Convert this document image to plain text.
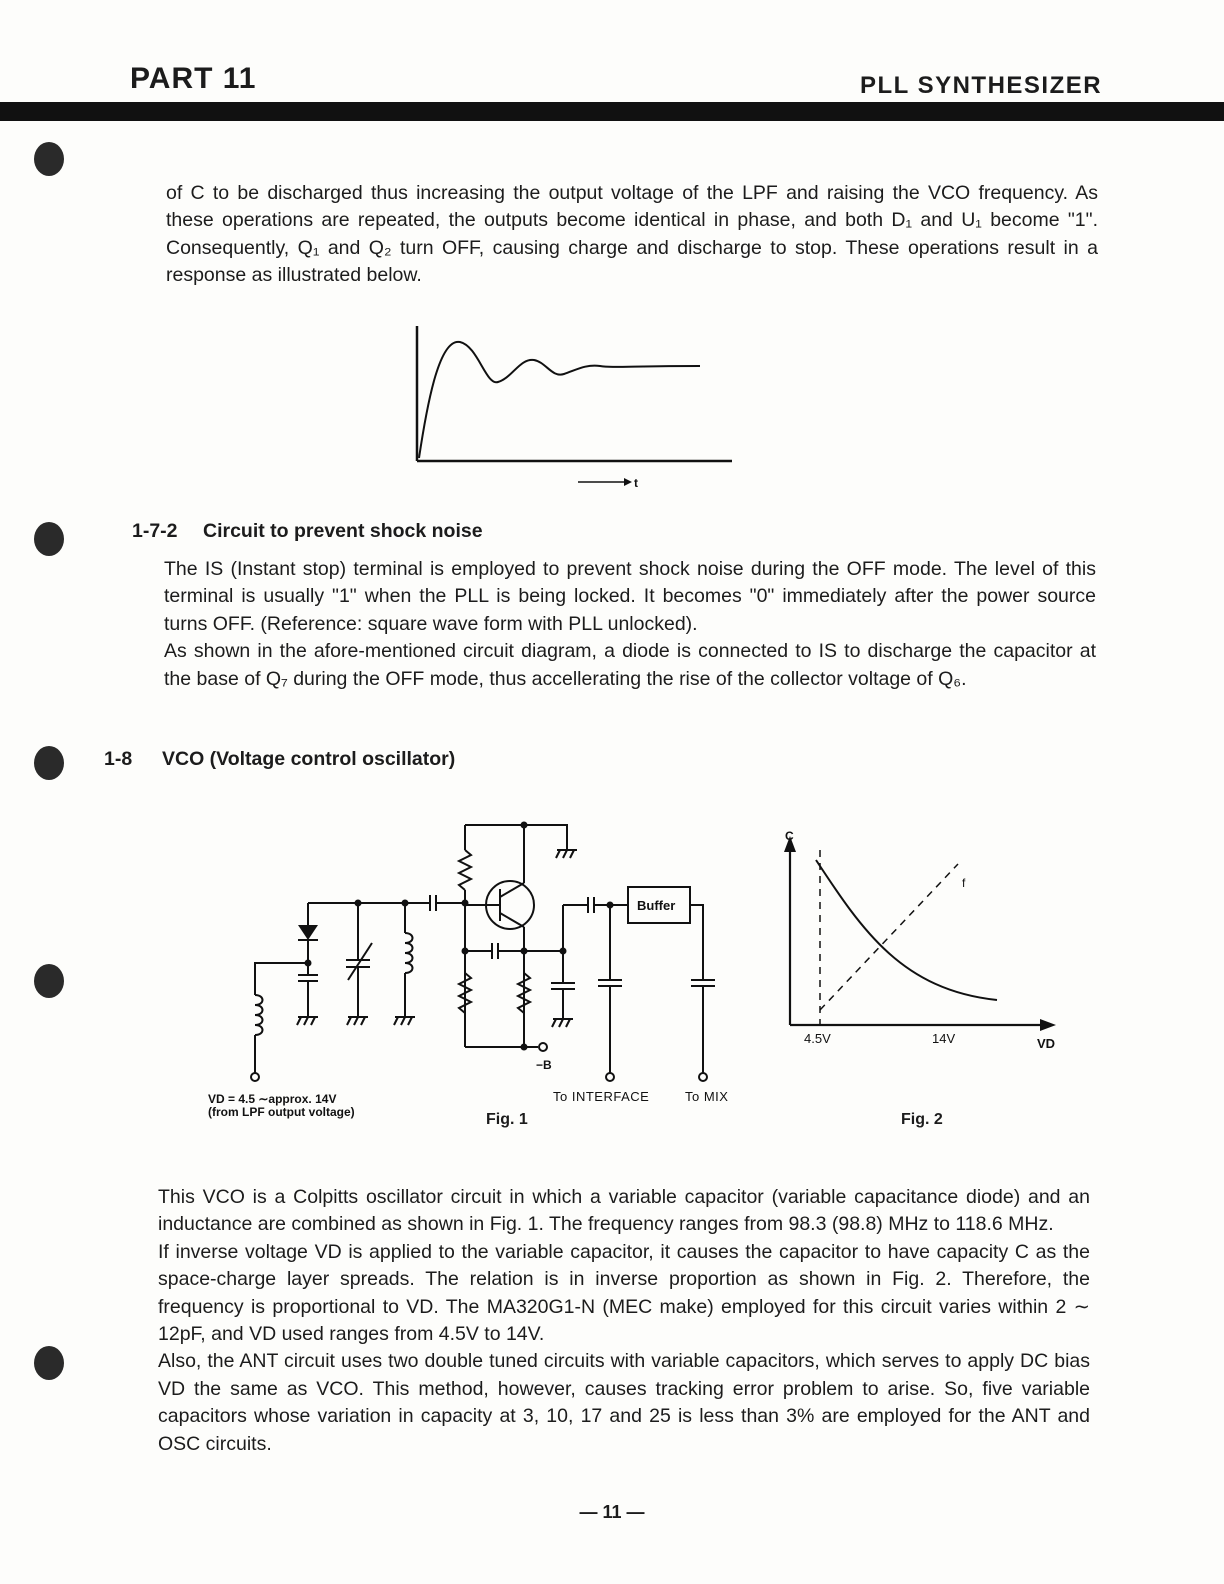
PART 11	PLL SYNTHESIZER

of C to be discharged thus increasing the output voltage of the LPF and raising the VCO frequency. As these operations are repeated, the outputs become identical in phase, and both D₁ and U₁ become "1". Consequently, Q₁ and Q₂ turn OFF, causing charge and discharge to stop. These operations result in a response as illustrated below.

t
1-7-2 Circuit to prevent shock noise

The IS (Instant stop) terminal is employed to prevent shock noise during the OFF mode. The level of this terminal is usually "1" when the PLL is being locked. It becomes "0" immediately after the power source turns OFF. (Reference: square wave form with PLL unlocked).

As shown in the afore-mentioned circuit diagram, a diode is connected to IS to discharge the capacitor at the base of Q₇ during the OFF mode, thus accellerating the rise of the collector voltage of Q₆.

1-8 VCO (Voltage control oscillator)
Buffer
−B
To INTERFACE	To MIX
VD = 4.5 ∼approx. 14V
(from LPF output voltage)	Fig. 1
C
f
4.5V	14V	VD
Fig. 2

This VCO is a Colpitts oscillator circuit in which a variable capacitor (variable capacitance diode) and an inductance are combined as shown in Fig. 1. The frequency ranges from 98.3 (98.8) MHz to 118.6 MHz.

If inverse voltage VD is applied to the variable capacitor, it causes the capacitor to have capacity C as the space-charge layer spreads. The relation is in inverse proportion as shown in Fig. 2. Therefore, the frequency is proportional to VD. The MA320G1-N (MEC make) employed for this circuit varies within 2 ∼ 12pF, and VD used ranges from 4.5V to 14V.

Also, the ANT circuit uses two double tuned circuits with variable capacitors, which serves to apply DC bias VD the same as VCO. This method, however, causes tracking error problem to arise. So, five variable capacitors whose variation in capacity at 3, 10, 17 and 25 is less than 3% are employed for the ANT and OSC circuits.

— 11 —
